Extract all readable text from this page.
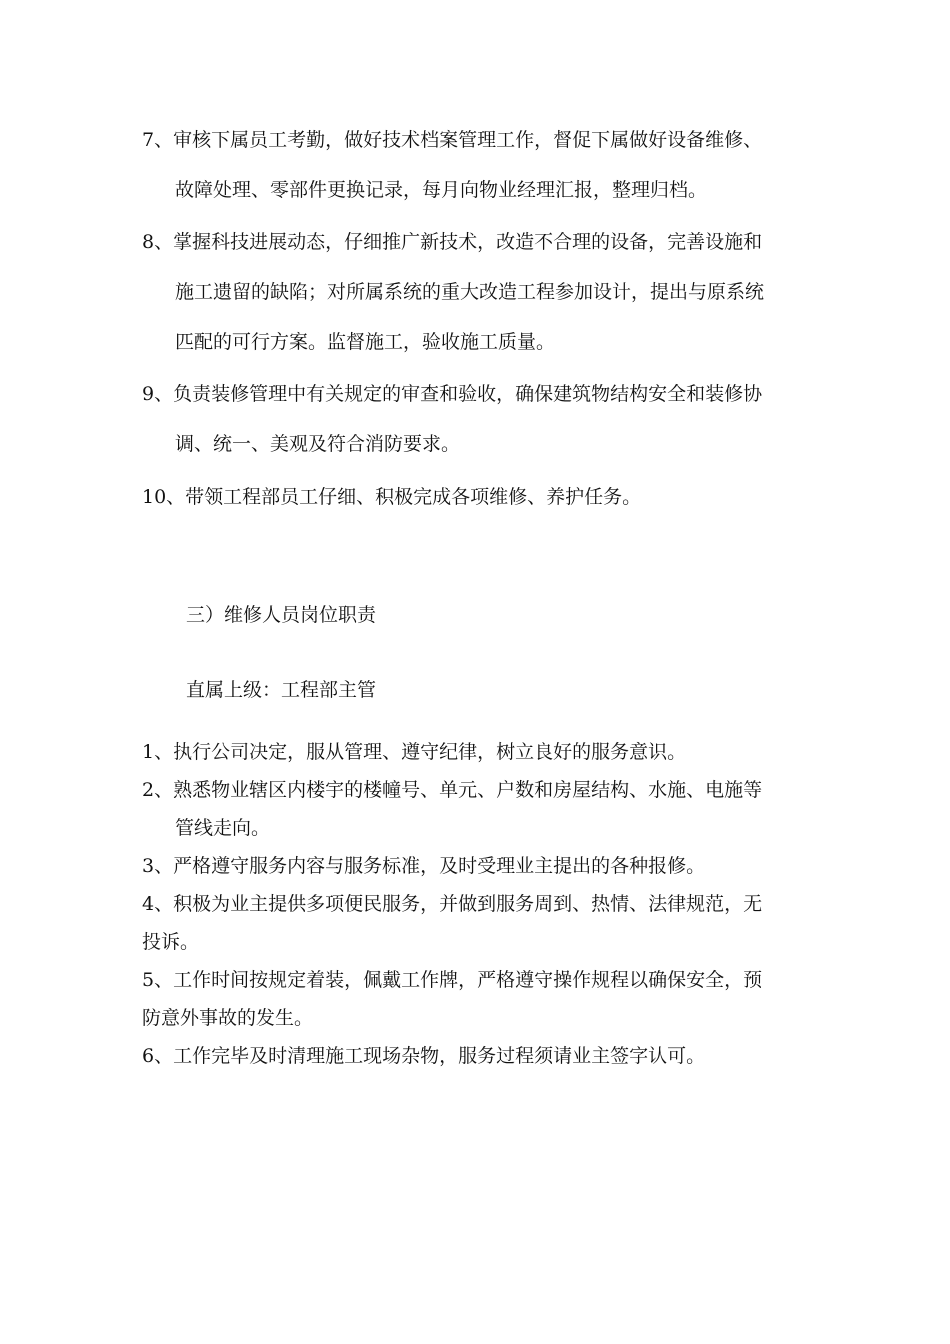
7、审核下属员工考勤，做好技术档案管理工作，督促下属做好设备维修、
故障处理、零部件更换记录，每月向物业经理汇报，整理归档。
8、掌握科技进展动态，仔细推广新技术，改造不合理的设备，完善设施和
施工遗留的缺陷；对所属系统的重大改造工程参加设计，提出与原系统
匹配的可行方案。监督施工，验收施工质量。
9、负责装修管理中有关规定的审查和验收，确保建筑物结构安全和装修协
调、统一、美观及符合消防要求。
10、带领工程部员工仔细、积极完成各项维修、养护任务。
三）维修人员岗位职责
直属上级：工程部主管
1、执行公司决定，服从管理、遵守纪律，树立良好的服务意识。
2、熟悉物业辖区内楼宇的楼幢号、单元、户数和房屋结构、水施、电施等
管线走向。
3、严格遵守服务内容与服务标准，及时受理业主提出的各种报修。
4、积极为业主提供多项便民服务，并做到服务周到、热情、法律规范，无
投诉。
5、工作时间按规定着装，佩戴工作牌，严格遵守操作规程以确保安全，预
防意外事故的发生。
6、工作完毕及时清理施工现场杂物，服务过程须请业主签字认可。
